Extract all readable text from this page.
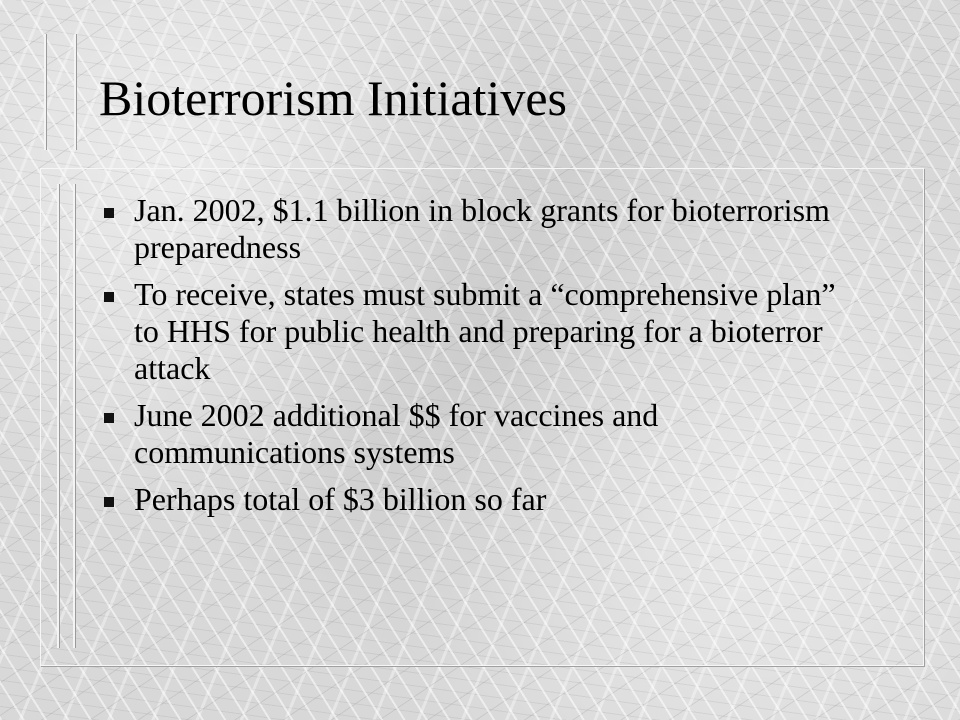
Bioterrorism Initiatives
Jan. 2002, $1.1 billion in block grants for bioterrorism preparedness
To receive, states must submit a “comprehensive plan” to HHS for public health and preparing for a bioterror attack
June 2002 additional $$ for vaccines and communications systems
Perhaps total of $3 billion so far
